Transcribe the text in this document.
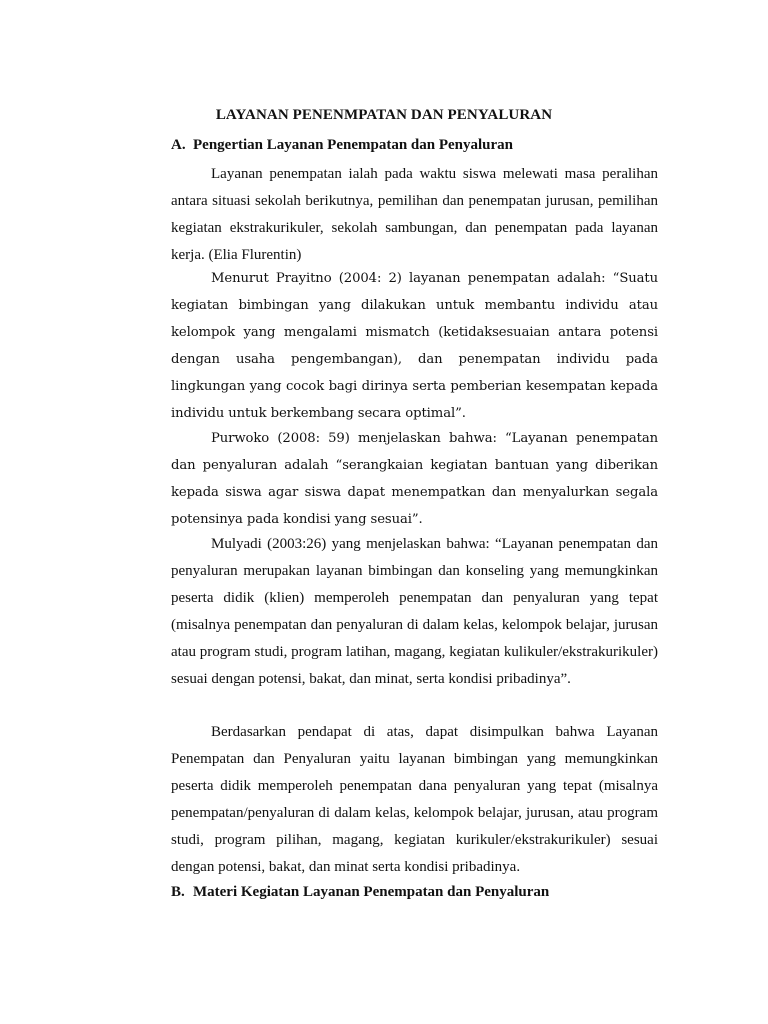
LAYANAN PENENMPATAN DAN PENYALURAN
A. Pengertian Layanan Penempatan dan Penyaluran

Layanan penempatan ialah pada waktu siswa melewati masa peralihan antara situasi sekolah berikutnya, pemilihan dan penempatan jurusan, pemilihan kegiatan ekstrakurikuler, sekolah sambungan, dan penempatan pada layanan kerja. (Elia Flurentin)

Menurut Prayitno (2004: 2) layanan penempatan adalah: “Suatu kegiatan bimbingan yang dilakukan untuk membantu individu atau kelompok yang mengalami mismatch (ketidaksesuaian antara potensi dengan usaha pengembangan), dan penempatan individu pada lingkungan yang cocok bagi dirinya serta pemberian kesempatan kepada individu untuk berkembang secara optimal”.

Purwoko (2008: 59) menjelaskan bahwa: “Layanan penempatan dan penyaluran adalah “serangkaian kegiatan bantuan yang diberikan kepada siswa agar siswa dapat menempatkan dan menyalurkan segala potensinya pada kondisi yang sesuai”.

Mulyadi (2003:26) yang menjelaskan bahwa: “Layanan penempatan dan penyaluran merupakan layanan bimbingan dan konseling yang memungkinkan peserta didik (klien) memperoleh penempatan dan penyaluran yang tepat (misalnya penempatan dan penyaluran di dalam kelas, kelompok belajar, jurusan atau program studi, program latihan, magang, kegiatan kulikuler/ekstrakurikuler) sesuai dengan potensi, bakat, dan minat, serta kondisi pribadinya”.

Berdasarkan pendapat di atas, dapat disimpulkan bahwa Layanan Penempatan dan Penyaluran yaitu layanan bimbingan yang memungkinkan peserta didik memperoleh penempatan dana penyaluran yang tepat (misalnya penempatan/penyaluran di dalam kelas, kelompok belajar, jurusan, atau program studi, program pilihan, magang, kegiatan kurikuler/ekstrakurikuler) sesuai dengan potensi, bakat, dan minat serta kondisi pribadinya.

B. Materi Kegiatan Layanan Penempatan dan Penyaluran
